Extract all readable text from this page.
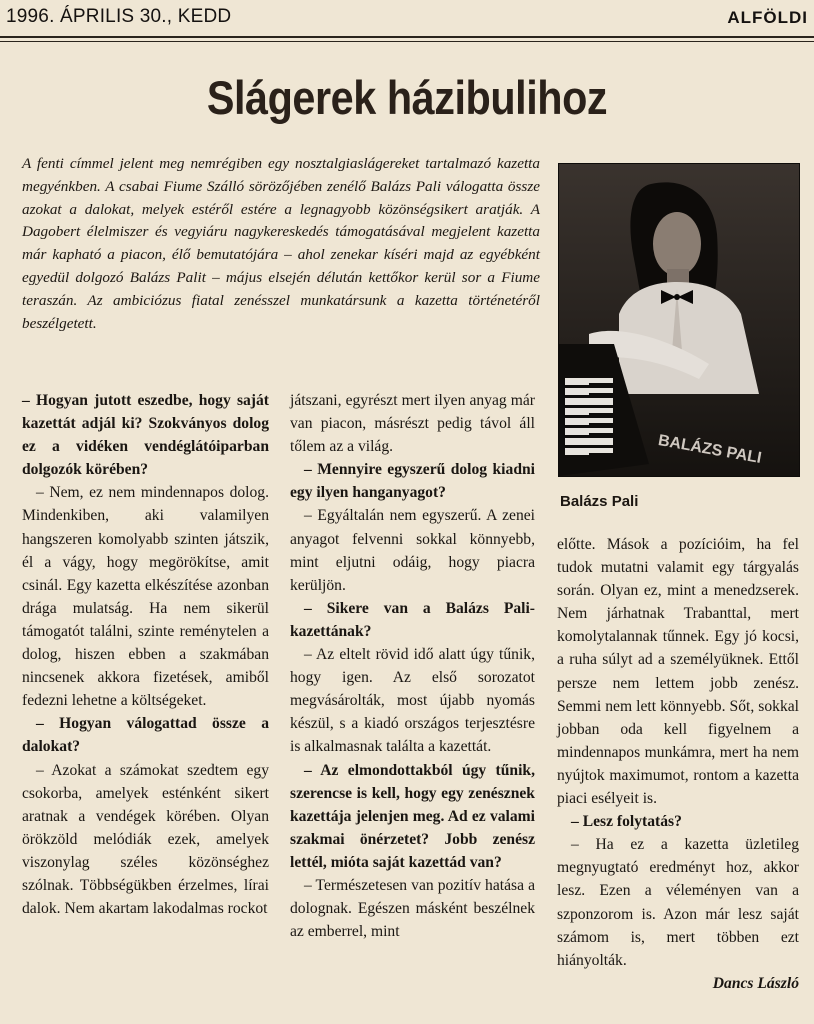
1996. ÁPRILIS 30., KEDD	ALFÖLDI
Slágerek házibulihoz
A fenti címmel jelent meg nemrégiben egy nosztalgiaslágereket tartalmazó kazetta megyénkben. A csabai Fiume Szálló sörözőjében zenélő Balázs Pali válogatta össze azokat a dalokat, melyek estéről estére a legnagyobb közönségsikert aratják. A Dagobert élelmiszer és vegyiáru nagykereskedés támogatásával megjelent kazetta már kapható a piacon, élő bemutatójára – ahol zenekar kíséri majd az egyébként egyedül dolgozó Balázs Palit – május elsején délután kettőkor kerül sor a Fiume teraszán. Az ambiciózus fiatal zenésszel munkatársunk a kazetta történetéről beszélgetett.
BALÁZS PALI
Balázs Pali

– Hogyan jutott eszedbe, hogy saját kazettát adjál ki? Szokványos dolog ez a vidéken vendéglátóiparban dolgozók körében?

– Nem, ez nem mindennapos dolog. Mindenkiben, aki valamilyen hangszeren komolyabb szinten játszik, él a vágy, hogy megörökítse, amit csinál. Egy kazetta elkészítése azonban drága mulatság. Ha nem sikerül támogatót találni, szinte reménytelen a dolog, hiszen ebben a szakmában nincsenek akkora fizetések, amiből fedezni lehetne a költségeket.

– Hogyan válogattad össze a dalokat?

– Azokat a számokat szedtem egy csokorba, amelyek esténként sikert aratnak a vendégek körében. Olyan örökzöld melódiák ezek, amelyek viszonylag széles közönséghez szólnak. Többségükben érzelmes, lírai dalok. Nem akartam lakodalmas rockot

játszani, egyrészt mert ilyen anyag már van piacon, másrészt pedig távol áll tőlem az a világ.

– Mennyire egyszerű dolog kiadni egy ilyen hanganyagot?

– Egyáltalán nem egyszerű. A zenei anyagot felvenni sokkal könnyebb, mint eljutni odáig, hogy piacra kerüljön.

– Sikere van a Balázs Pali-kazettának?

– Az eltelt rövid idő alatt úgy tűnik, hogy igen. Az első sorozatot megvásárolták, most újabb nyomás készül, s a kiadó országos terjesztésre is alkalmasnak találta a kazettát.

– Az elmondottakból úgy tűnik, szerencse is kell, hogy egy zenésznek kazettája jelenjen meg. Ad ez valami szakmai önérzetet? Jobb zenész lettél, mióta saját kazettád van?

– Természetesen van pozitív hatása a dolognak. Egészen másként beszélnek az emberrel, mint

előtte. Mások a pozícióim, ha fel tudok mutatni valamit egy tárgyalás során. Olyan ez, mint a menedzserek. Nem járhatnak Trabanttal, mert komolytalannak tűnnek. Egy jó kocsi, a ruha súlyt ad a személyüknek. Ettől persze nem lettem jobb zenész. Semmi nem lett könnyebb. Sőt, sokkal jobban oda kell figyelnem a mindennapos munkámra, mert ha nem nyújtok maximumot, rontom a kazetta piaci esélyeit is.

– Lesz folytatás?

– Ha ez a kazetta üzletileg megnyugtató eredményt hoz, akkor lesz. Ezen a véleményen van a szponzorom is. Azon már lesz saját számom is, mert többen ezt hiányolták.

Dancs László
